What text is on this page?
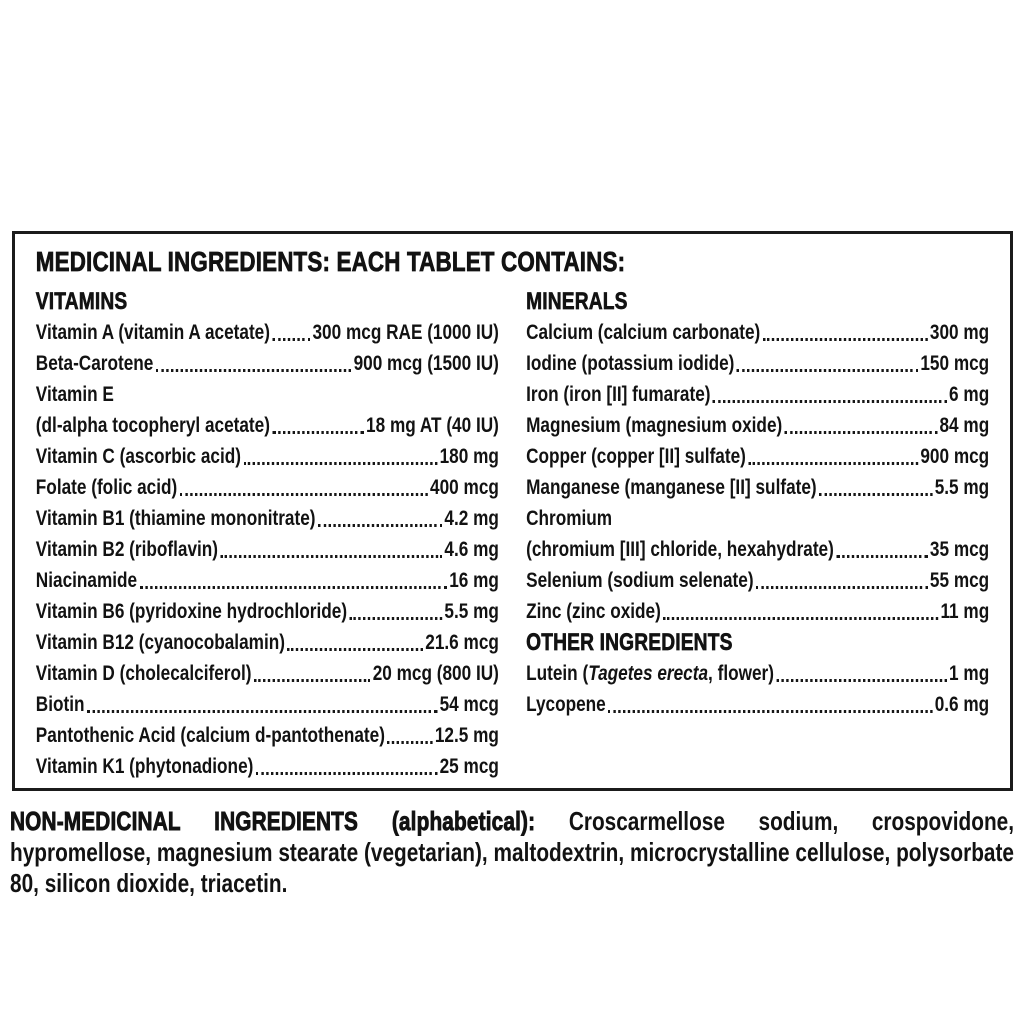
MEDICINAL INGREDIENTS: EACH TABLET CONTAINS:
VITAMINS
Vitamin A (vitamin A acetate) 300 mcg RAE (1000 IU)
Beta-Carotene	900 mcg (1500 IU)
Vitamin E
(dl-alpha tocopheryl acetate)	18 mg AT (40 IU)
Vitamin C (ascorbic acid)	180 mg
Folate (folic acid)	400 mcg
Vitamin B1 (thiamine mononitrate)	4.2 mg
Vitamin B2 (riboflavin)	4.6 mg
Niacinamide	16 mg
Vitamin B6 (pyridoxine hydrochloride)	5.5 mg
Vitamin B12 (cyanocobalamin)	21.6 mcg
Vitamin D (cholecalciferol)	20 mcg (800 IU)
Biotin	54 mcg
Pantothenic Acid (calcium d-pantothenate) 12.5 mg
Vitamin K1 (phytonadione)	25 mcg
MINERALS
Calcium (calcium carbonate)	300 mg
Iodine (potassium iodide)	150 mcg
Iron (iron [II] fumarate)	6 mg
Magnesium (magnesium oxide)	84 mg
Copper (copper [II] sulfate)	900 mcg
Manganese (manganese [II] sulfate)	5.5 mg
Chromium
(chromium [III] chloride, hexahydrate)	35 mcg
Selenium (sodium selenate)	55 mcg
Zinc (zinc oxide)	11 mg
OTHER INGREDIENTS
Lutein (Tagetes erecta, flower)	1 mg
Lycopene	0.6 mg

NON-MEDICINAL INGREDIENTS (alphabetical): Croscarmellose sodium, crospovidone, hypromellose, magnesium stearate (vegetarian), maltodextrin, microcrystalline cellulose, polysorbate 80, silicon dioxide, triacetin.
